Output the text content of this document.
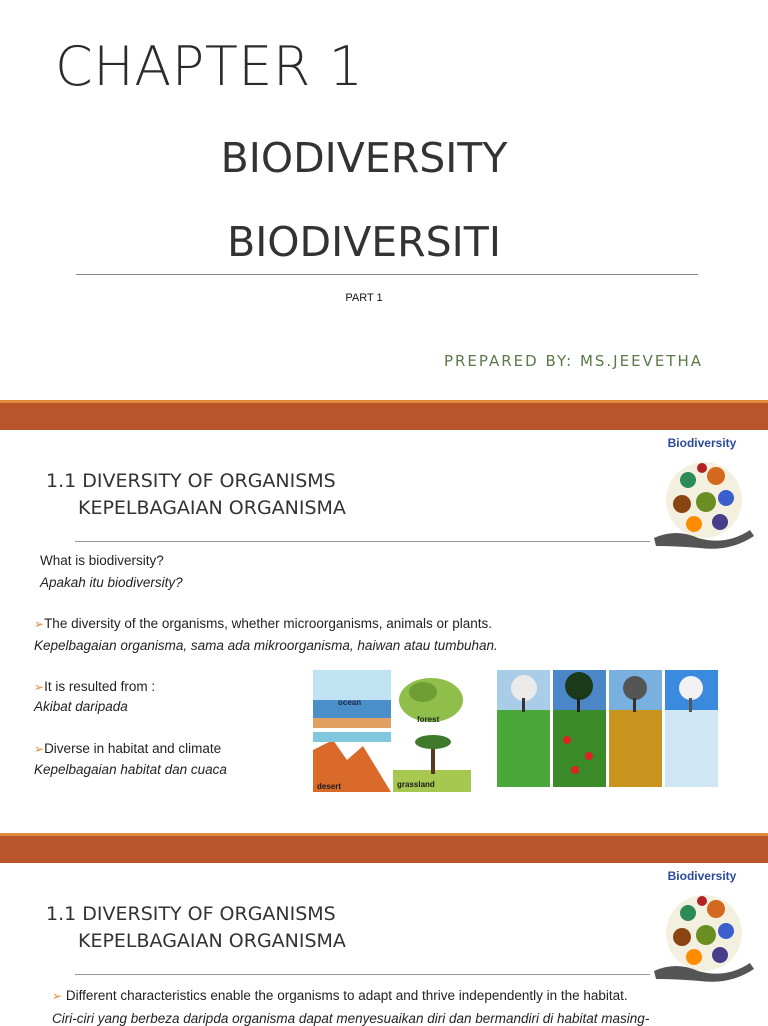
CHAPTER 1
BIODIVERSITY
BIODIVERSITI
PART 1
PREPARED BY: MS.JEEVETHA
1.1 DIVERSITY OF ORGANISMS
KEPELBAGAIAN ORGANISMA
Biodiversity
What is biodiversity?
Apakah itu biodiversity?
➢The diversity of the organisms, whether microorganisms, animals or plants.
Kepelbagaian organisma, sama ada mikroorganisma, haiwan atau tumbuhan.
➢It is resulted from :
Akibat daripada
➢Diverse in habitat and climate
Kepelbagaian habitat dan cuaca
ocean
forest
desert	grassland
1.1 DIVERSITY OF ORGANISMS
KEPELBAGAIAN ORGANISMA
Biodiversity
➢ Different characteristics enable the organisms to adapt and thrive independently in the habitat.
Ciri-ciri yang berbeza daripda organisma dapat menyesuaikan diri dan bermandiri di habitat masing-
